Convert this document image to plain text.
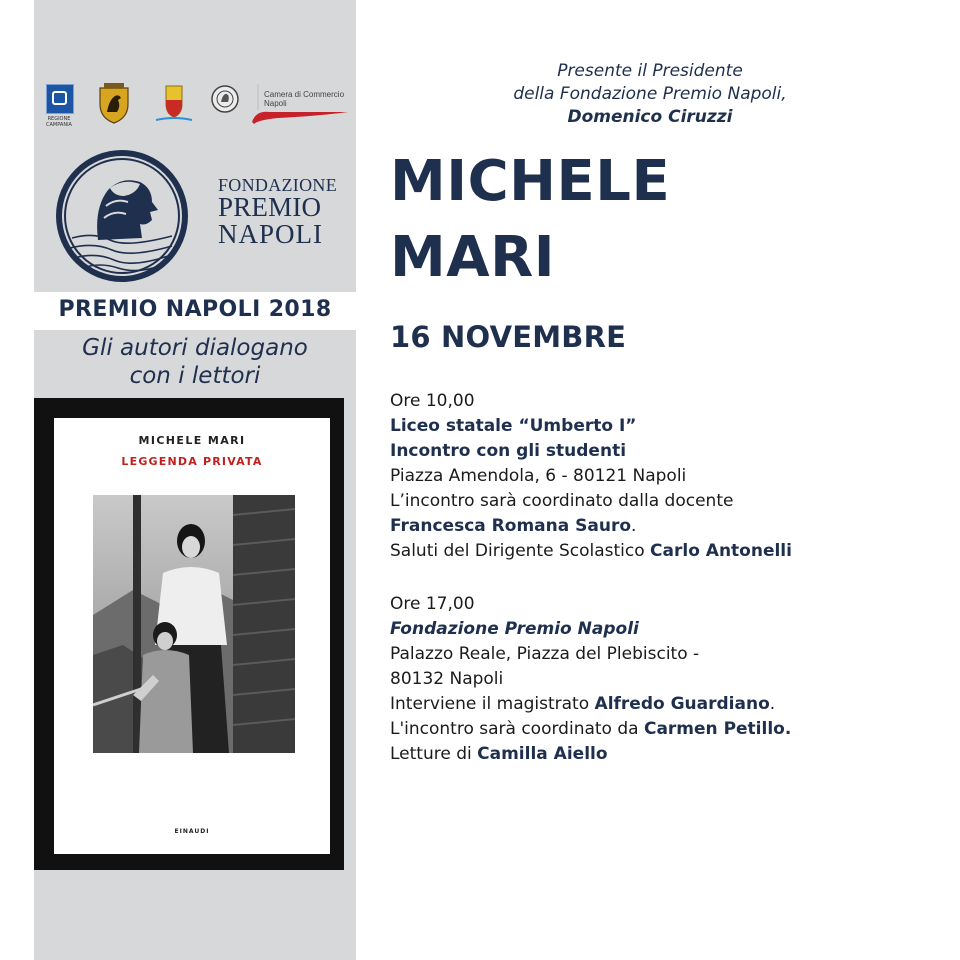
REGIONE CAMPANIA
Camera di Commercio
Napoli
FONDAZIONE
PREMIO
NAPOLI
PREMIO NAPOLI 2018
Gli autori dialogano
con i lettori
MICHELE MARI
LEGGENDA PRIVATA
EINAUDI
Presente il Presidente
della Fondazione Premio Napoli,
Domenico Ciruzzi
MICHELE
MARI
16 NOVEMBRE
Ore 10,00
Liceo statale “Umberto I”
Incontro con gli studenti
Piazza Amendola, 6 - 80121 Napoli
L’incontro sarà coordinato dalla docente
Francesca Romana Sauro.
Saluti del Dirigente Scolastico Carlo Antonelli
Ore 17,00
Fondazione Premio Napoli
Palazzo Reale, Piazza del Plebiscito -
80132 Napoli
Interviene il magistrato Alfredo Guardiano.
L'incontro sarà coordinato da Carmen Petillo.
Letture di Camilla Aiello
